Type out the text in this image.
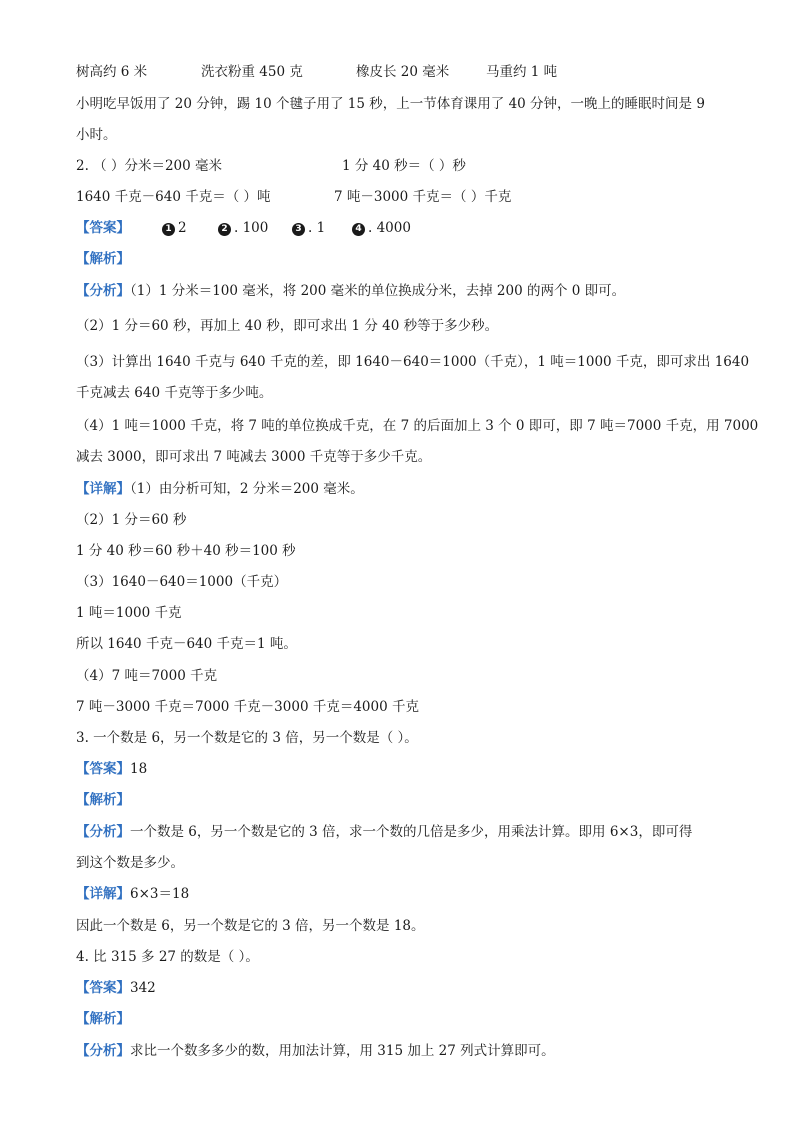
树高约 6 米	洗衣粉重 450 克	橡皮长 20 毫米	马重约 1 吨
小明吃早饭用了 20 分钟，踢 10 个毽子用了 15 秒，上一节体育课用了 40 分钟，一晚上的睡眠时间是 9
小时。
2. （ ）分米＝200 毫米	1 分 40 秒＝（ ）秒
1640 千克－640 千克＝（ ）吨	7 吨－3000 千克＝（ ）千克
【答案】	1 2	2 . 100	3 . 1	4 . 4000
【解析】
【分析】（1）1 分米＝100 毫米，将 200 毫米的单位换成分米，去掉 200 的两个 0 即可。
（2）1 分＝60 秒，再加上 40 秒，即可求出 1 分 40 秒等于多少秒。
（3）计算出 1640 千克与 640 千克的差，即 1640－640＝1000（千克），1 吨＝1000 千克，即可求出 1640
千克减去 640 千克等于多少吨。
（4）1 吨＝1000 千克，将 7 吨的单位换成千克，在 7 的后面加上 3 个 0 即可，即 7 吨＝7000 千克，用 7000
减去 3000，即可求出 7 吨减去 3000 千克等于多少千克。
【详解】（1）由分析可知，2 分米＝200 毫米。
（2）1 分＝60 秒
1 分 40 秒＝60 秒＋40 秒＝100 秒
（3）1640－640＝1000（千克）
1 吨＝1000 千克
所以 1640 千克－640 千克＝1 吨。
（4）7 吨＝7000 千克
7 吨－3000 千克＝7000 千克－3000 千克＝4000 千克
3. 一个数是 6，另一个数是它的 3 倍，另一个数是（ ）。
【答案】18
【解析】
【分析】一个数是 6，另一个数是它的 3 倍，求一个数的几倍是多少，用乘法计算。即用 6×3，即可得
到这个数是多少。
【详解】6×3＝18
因此一个数是 6，另一个数是它的 3 倍，另一个数是 18。
4. 比 315 多 27 的数是（ ）。
【答案】342
【解析】
【分析】求比一个数多多少的数，用加法计算，用 315 加上 27 列式计算即可。
